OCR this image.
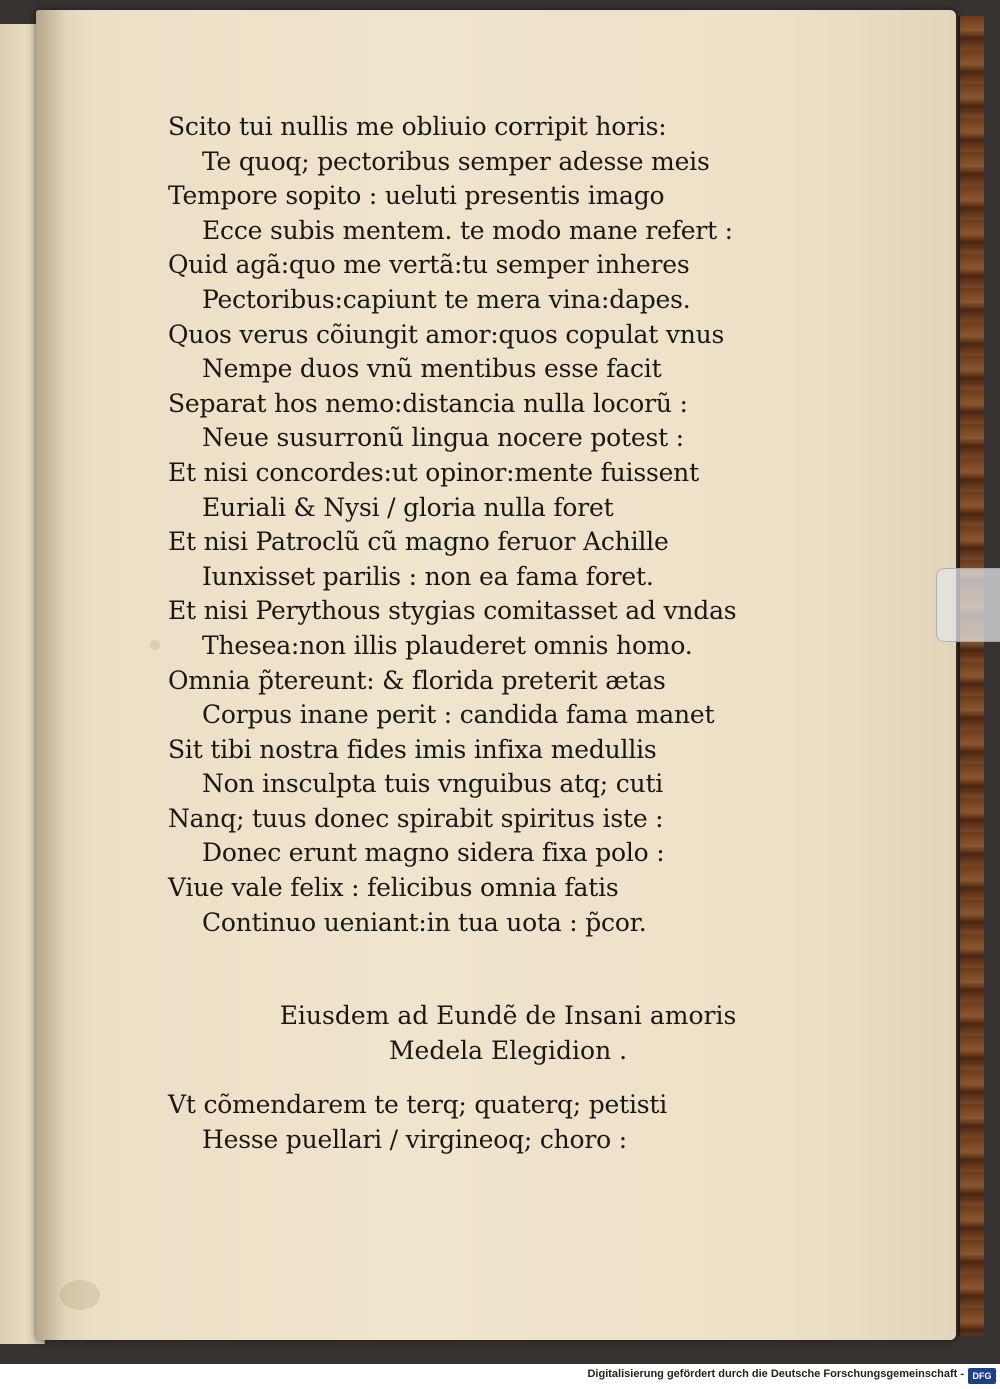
Scito tui nullis me obliuio corripit horis:
Te quoq; pectoribus semper adesse meis
Tempore sopito : ueluti presentis imago
Ecce subis mentem. te modo mane refert :
Quid agã:quo me vertã:tu semper inheres
Pectoribus:capiunt te mera vina:dapes.
Quos verus cõiungit amor:quos copulat vnus
Nempe duos vnũ mentibus esse facit
Separat hos nemo:distancia nulla locorũ :
Neue susurronũ lingua nocere potest :
Et nisi concordes:ut opinor:mente fuissent
Euriali & Nysi / gloria nulla foret
Et nisi Patroclũ cũ magno feruor Achille
Iunxisset parilis : non ea fama foret.
Et nisi Perythous stygias comitasset ad vndas
Thesea:non illis plauderet omnis homo.
Omnia p̃tereunt: & florida preterit ætas
Corpus inane perit : candida fama manet
Sit tibi nostra fides imis infixa medullis
Non insculpta tuis vnguibus atq; cuti
Nanq; tuus donec spirabit spiritus iste :
Donec erunt magno sidera fixa polo :
Viue vale felix : felicibus omnia fatis
Continuo ueniant:in tua uota : p̃cor.
Eiusdem ad Eundẽ de Insani amoris
Medela Elegidion .
Vt cõmendarem te terq; quaterq; petisti
Hesse puellari / virgineoq; choro :
Digitalisierung gefördert durch die Deutsche Forschungsgemeinschaft - DFG
